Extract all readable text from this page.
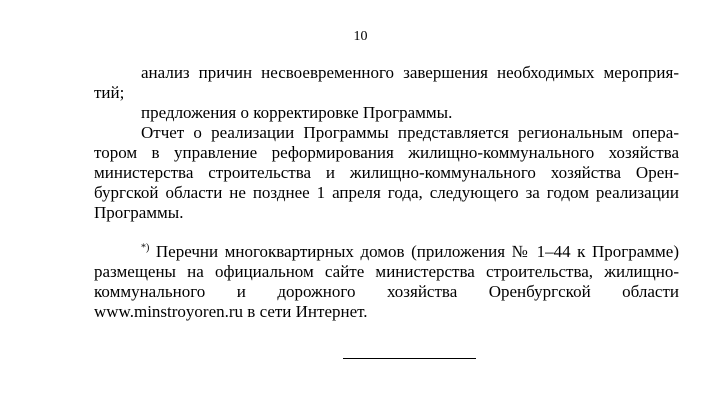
10
анализ причин несвоевременного завершения необходимых мероприя-
тий;
предложения о корректировке Программы.
Отчет о реализации Программы представляется региональным опера-
тором в управление реформирования жилищно-коммунального хозяйства
министерства строительства и жилищно-коммунального хозяйства Орен-
бургской области не позднее 1 апреля года, следующего за годом реализации
Программы.
*) Перечни многоквартирных домов (приложения № 1–44 к Программе)
размещены на официальном сайте министерства строительства, жилищно-
коммунального и дорожного хозяйства Оренбургской области
www.minstroyoren.ru в сети Интернет.
